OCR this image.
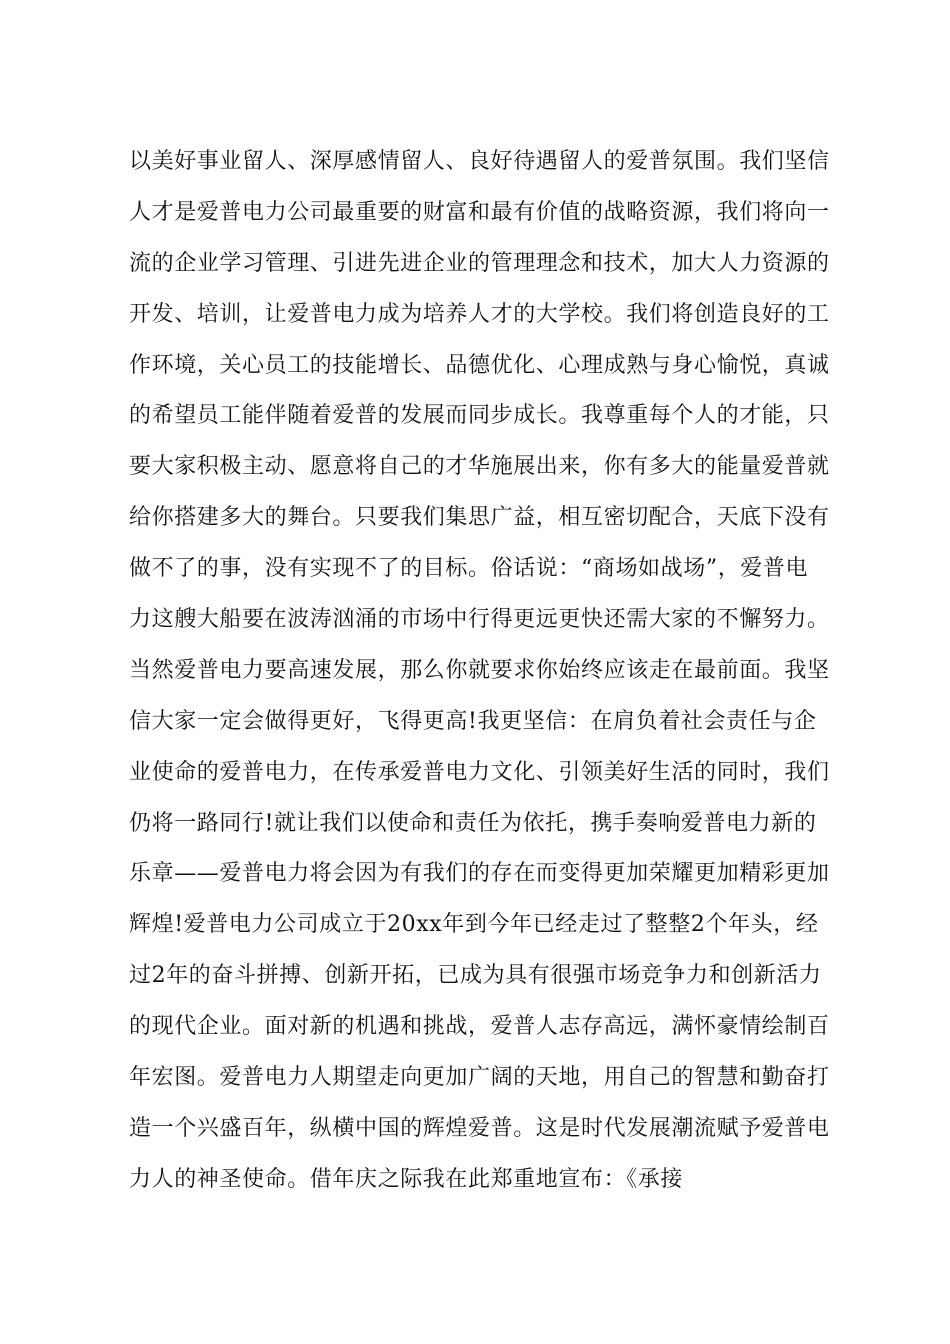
以美好事业留人、深厚感情留人、良好待遇留人的爱普氛围。我们坚信
人才是爱普电力公司最重要的财富和最有价值的战略资源，我们将向一
流的企业学习管理、引进先进企业的管理理念和技术，加大人力资源的
开发、培训，让爱普电力成为培养人才的大学校。我们将创造良好的工
作环境，关心员工的技能增长、品德优化、心理成熟与身心愉悦，真诚
的希望员工能伴随着爱普的发展而同步成长。我尊重每个人的才能，只
要大家积极主动、愿意将自己的才华施展出来，你有多大的能量爱普就
给你搭建多大的舞台。只要我们集思广益，相互密切配合，天底下没有
做不了的事，没有实现不了的目标。俗话说：“商场如战场”，爱普电
力这艘大船要在波涛汹涌的市场中行得更远更快还需大家的不懈努力。
当然爱普电力要高速发展，那么你就要求你始终应该走在最前面。我坚
信大家一定会做得更好，飞得更高!我更坚信：在肩负着社会责任与企
业使命的爱普电力，在传承爱普电力文化、引领美好生活的同时，我们
仍将一路同行!就让我们以使命和责任为依托，携手奏响爱普电力新的
乐章——爱普电力将会因为有我们的存在而变得更加荣耀更加精彩更加
辉煌!爱普电力公司成立于20xx年到今年已经走过了整整2个年头，经
过2年的奋斗拼搏、创新开拓，已成为具有很强市场竞争力和创新活力
的现代企业。面对新的机遇和挑战，爱普人志存高远，满怀豪情绘制百
年宏图。爱普电力人期望走向更加广阔的天地，用自己的智慧和勤奋打
造一个兴盛百年，纵横中国的辉煌爱普。这是时代发展潮流赋予爱普电
力人的神圣使命。借年庆之际我在此郑重地宣布：《承接
